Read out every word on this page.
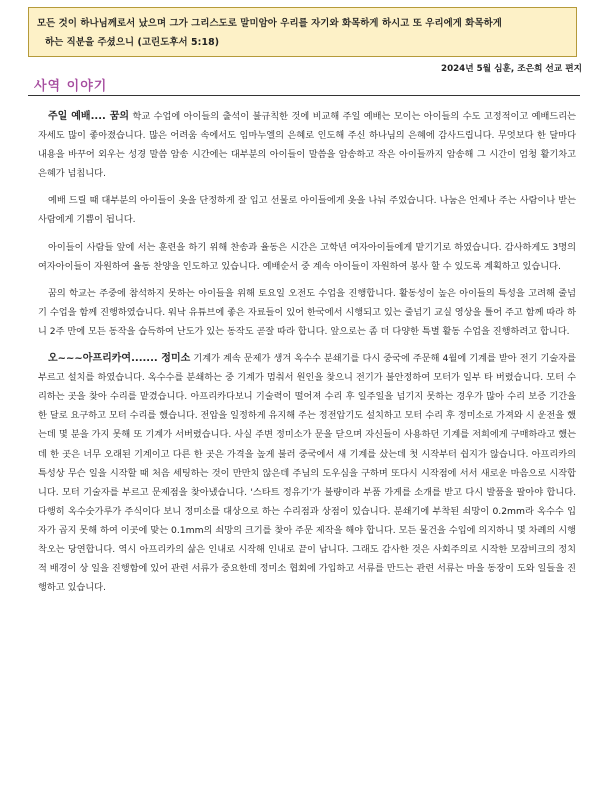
모든 것이 하나님께로서 났으며 그가 그리스도로 말미암아 우리를 자기와 화목하게 하시고 또 우리에게 화목하게
하는 직분을 주셨으니 (고린도후서 5:18)
2024년 5월 심훈, 조은희 선교 편지
사역 이야기

주일 예배.... 꿈의 학교 수업에 아이들의 출석이 불규칙한 것에 비교해 주일 예배는 모이는 아이들의 수도 고정적이고 예배드리는 자세도 많이 좋아졌습니다. 많은 어려움 속에서도 임마누엘의 은혜로 인도해 주신 하나님의 은혜에 감사드립니다. 무엇보다 한 달마다 내용을 바꾸어 외우는 성경 말씀 암송 시간에는 대부분의 아이들이 말씀을 암송하고 작은 아이들까지 암송해 그 시간이 엄청 활기차고 은혜가 넘칩니다.

예배 드릴 때 대부분의 아이들이 옷을 단정하게 잘 입고 선물로 아이들에게 옷을 나눠 주었습니다. 나눔은 언제나 주는 사람이나 받는 사람에게 기쁨이 됩니다.

아이들이 사람들 앞에 서는 훈련을 하기 위해 찬송과 율동은 시간은 고학년 여자아이들에게 맡기기로 하였습니다. 감사하게도 3명의 여자아이들이 자원하여 율동 찬양을 인도하고 있습니다. 예배순서 중 계속 아이들이 자원하여 봉사 할 수 있도록 계획하고 있습니다.

꿈의 학교는 주중에 참석하지 못하는 아이들을 위해 토요일 오전도 수업을 진행합니다. 활동성이 높은 아이들의 특성을 고려해 줄넘기 수업을 함께 진행하였습니다. 워낙 유튜브에 좋은 자료들이 있어 한국에서 시행되고 있는 줄넘기 교실 영상을 틀어 주고 함께 따라 하니 2주 만에 모든 동작을 습득하여 난도가 있는 동작도 곧잘 따라 합니다. 앞으로는 좀 더 다양한 특별 활동 수업을 진행하려고 합니다.

오~~~아프리카여....... 정미소 기계가 계속 문제가 생겨 옥수수 분쇄기를 다시 중국에 주문해 4월에 기계를 받아 전기 기술자를 부르고 설치를 하였습니다. 옥수수를 분쇄하는 중 기계가 멈춰서 원인을 찾으니 전기가 불안정하여 모터가 일부 타 버렸습니다. 모터 수리하는 곳을 찾아 수리를 맡겼습니다. 아프리카다보니 기술력이 떨어져 수리 후 일주일을 넘기지 못하는 경우가 많아 수리 보증 기간을 한 달로 요구하고 모터 수리를 했습니다. 전압을 일정하게 유지해 주는 정전압기도 설치하고 모터 수리 후 정미소로 가져와 시 운전을 했는데 몇 분을 가지 못해 또 기계가 서버렸습니다. 사실 주변 정미소가 문을 닫으며 자신들이 사용하던 기계를 저희에게 구매하라고 했는데 한 곳은 너무 오래된 기계이고 다른 한 곳은 가격을 높게 불러 중국에서 새 기계를 샀는데 첫 시작부터 쉽지가 않습니다. 아프리카의 특성상 무슨 일을 시작할 때 처음 세팅하는 것이 만만치 않은데 주님의 도우심을 구하며 또다시 시작점에 서서 새로운 마음으로 시작합니다. 모터 기술자를 부르고 문제점을 찾아냈습니다. '스타트 정유기'가 불량이라 부품 가게를 소개를 받고 다시 발품을 팔아야 합니다. 다행히 옥수숫가루가 주식이다 보니 정미소를 대상으로 하는 수리점과 상점이 있습니다. 분쇄기에 부착된 쇠망이 0.2mm라 옥수수 입자가 곱지 못해 하여 이곳에 맞는 0.1mm의 쇠망의 크기를 찾아 주문 제작을 해야 합니다. 모든 물건을 수입에 의지하니 몇 차례의 시행착오는 당연합니다. 역시 아프리카의 삶은 인내로 시작해 인내로 끝이 납니다. 그래도 감사한 것은 사회주의로 시작한 모잠비크의 정치적 배경이 상 일을 진행함에 있어 관련 서류가 중요한데 정미소 협회에 가입하고 서류를 만드는 관련 서류는 마을 동장이 도와 일들을 진행하고 있습니다.
